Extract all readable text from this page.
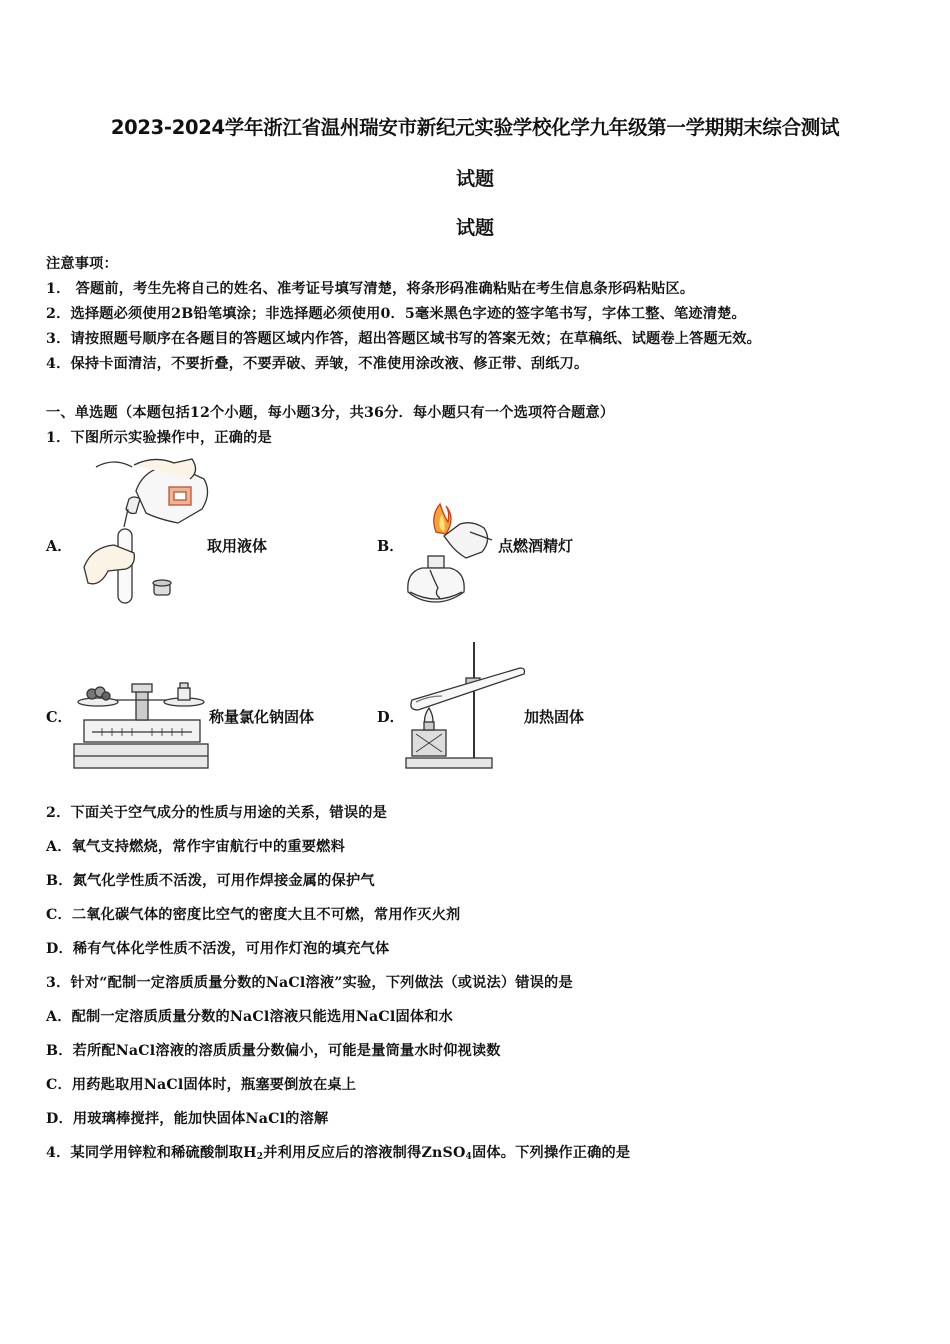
2023-2024学年浙江省温州瑞安市新纪元实验学校化学九年级第一学期期末综合测试
试题
试题
注意事项：
1． 答题前，考生先将自己的姓名、准考证号填写清楚，将条形码准确粘贴在考生信息条形码粘贴区。
2．选择题必须使用2B铅笔填涂；非选择题必须使用0．5毫米黑色字迹的签字笔书写，字体工整、笔迹清楚。
3．请按照题号顺序在各题目的答题区域内作答，超出答题区域书写的答案无效；在草稿纸、试题卷上答题无效。
4．保持卡面清洁，不要折叠，不要弄破、弄皱，不准使用涂改液、修正带、刮纸刀。
一、单选题（本题包括12个小题，每小题3分，共36分．每小题只有一个选项符合题意）
1．下图所示实验操作中，正确的是
A．	取用液体	B．	点燃酒精灯
C．	称量氯化钠固体	D．	加热固体
2．下面关于空气成分的性质与用途的关系，错误的是
A．氧气支持燃烧，常作宇宙航行中的重要燃料
B．氮气化学性质不活泼，可用作焊接金属的保护气
C．二氧化碳气体的密度比空气的密度大且不可燃，常用作灭火剂
D．稀有气体化学性质不活泼，可用作灯泡的填充气体
3．针对“配制一定溶质质量分数的NaCl溶液”实验，下列做法（或说法）错误的是
A．配制一定溶质质量分数的NaCl溶液只能选用NaCl固体和水
B．若所配NaCl溶液的溶质质量分数偏小，可能是量筒量水时仰视读数
C．用药匙取用NaCl固体时，瓶塞要倒放在桌上
D．用玻璃棒搅拌，能加快固体NaCl的溶解
4．某同学用锌粒和稀硫酸制取$H_2$并利用反应后的溶液制得ZnSO$_4$固体。下列操作正确的是
